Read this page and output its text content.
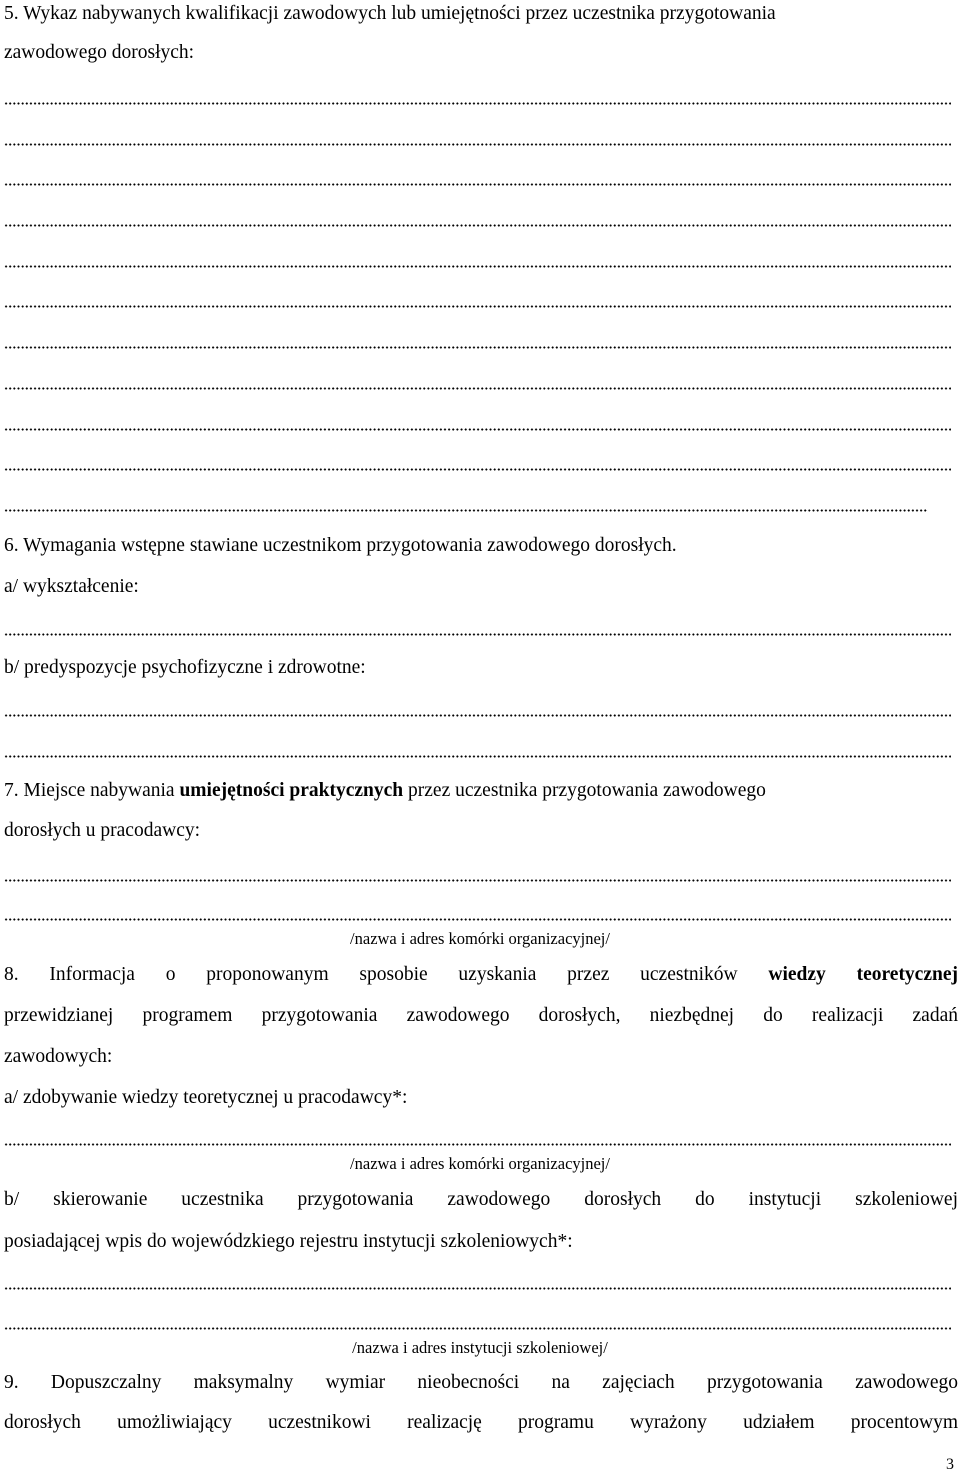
5. Wykaz nabywanych kwalifikacji zawodowych lub umiejętności przez uczestnika przygotowania
zawodowego dorosłych:
6. Wymagania wstępne stawiane uczestnikom przygotowania zawodowego dorosłych.
a/ wykształcenie:
b/ predyspozycje psychofizyczne i zdrowotne:
7. Miejsce nabywania umiejętności praktycznych przez uczestnika przygotowania zawodowego
dorosłych u pracodawcy:
/nazwa i adres komórki organizacyjnej/
8. Informacja o proponowanym sposobie uzyskania przez uczestników wiedzy teoretycznej
przewidzianej programem przygotowania zawodowego dorosłych, niezbędnej do realizacji zadań
zawodowych:
a/ zdobywanie wiedzy teoretycznej u pracodawcy*:
/nazwa i adres komórki organizacyjnej/
b/ skierowanie uczestnika przygotowania zawodowego dorosłych do instytucji szkoleniowej
posiadającej wpis do wojewódzkiego rejestru instytucji szkoleniowych*:
/nazwa i adres instytucji szkoleniowej/
9. Dopuszczalny maksymalny wymiar nieobecności na zajęciach przygotowania zawodowego
dorosłych umożliwiający uczestnikowi realizację programu wyrażony udziałem procentowym
3
